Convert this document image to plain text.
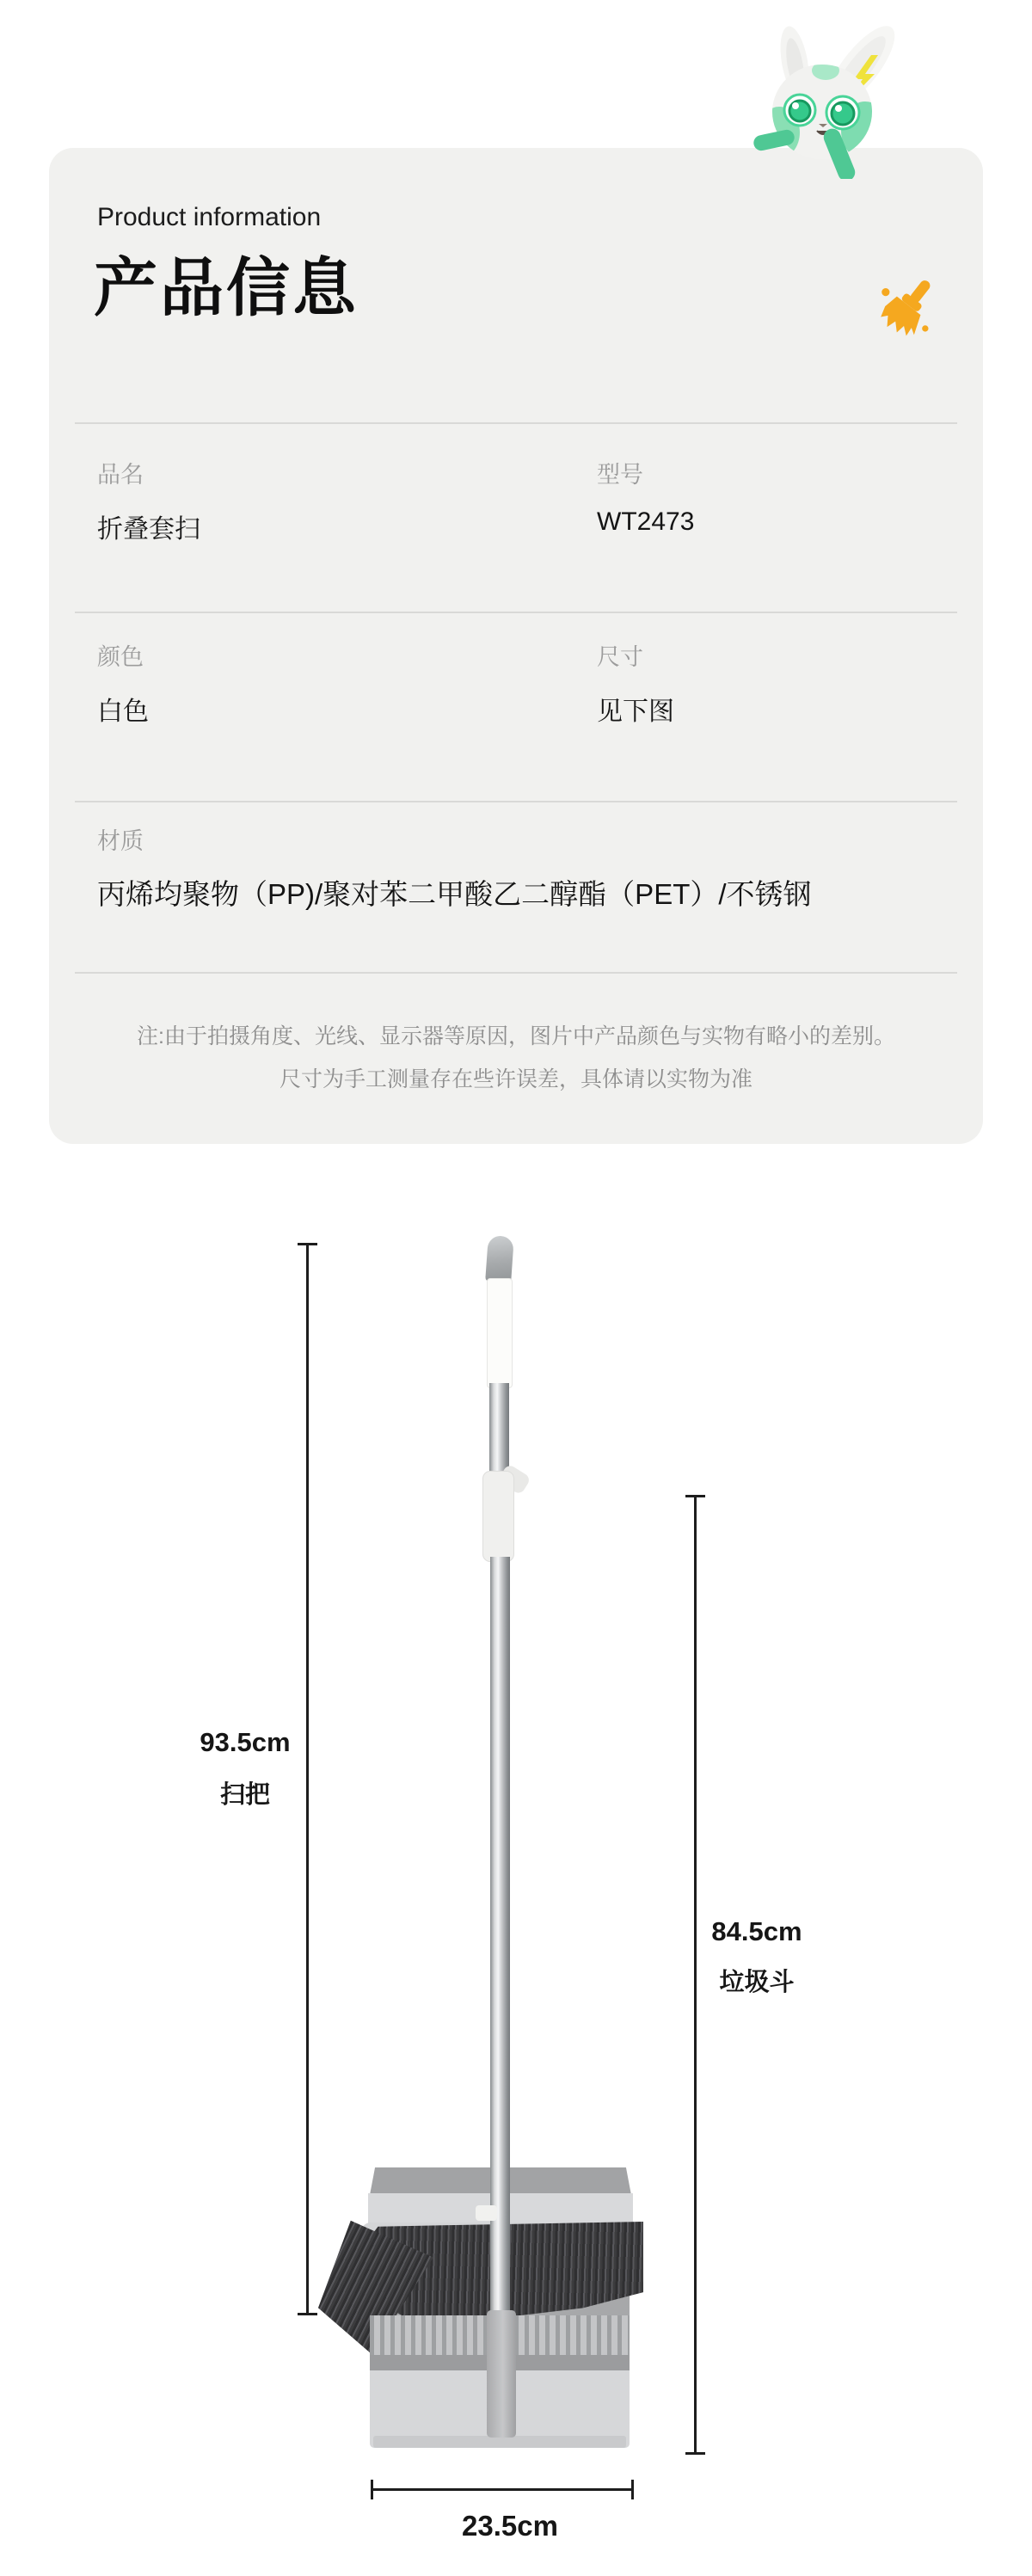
Product information
产品信息
品名
折叠套扫
型号
WT2473
颜色
白色
尺寸
见下图
材质
丙烯均聚物（PP)/聚对苯二甲酸乙二醇酯（PET）/不锈钢
注:由于拍摄角度、光线、显示器等原因，图片中产品颜色与实物有略小的差别。
尺寸为手工测量存在些许误差，具体请以实物为准
93.5cm
扫把
84.5cm
垃圾斗
23.5cm
